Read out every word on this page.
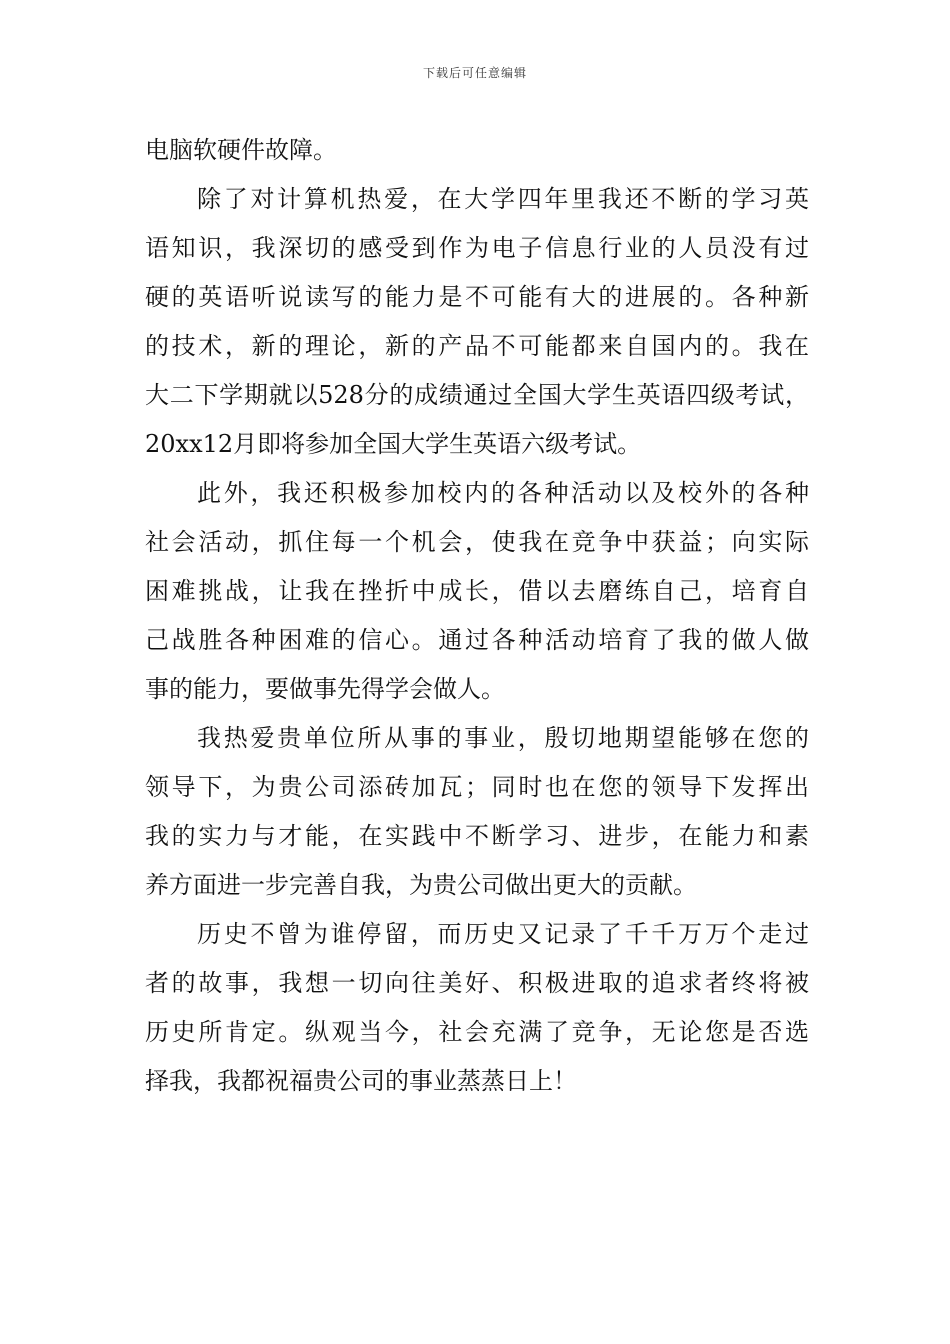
下载后可任意编辑
电脑软硬件故障。
除了对计算机热爱，在大学四年里我还不断的学习英
语知识，我深切的感受到作为电子信息行业的人员没有过
硬的英语听说读写的能力是不可能有大的进展的。各种新
的技术，新的理论，新的产品不可能都来自国内的。我在
大二下学期就以528分的成绩通过全国大学生英语四级考试，
20xx12月即将参加全国大学生英语六级考试。
此外，我还积极参加校内的各种活动以及校外的各种
社会活动，抓住每一个机会，使我在竞争中获益；向实际
困难挑战，让我在挫折中成长，借以去磨练自己，培育自
己战胜各种困难的信心。通过各种活动培育了我的做人做
事的能力，要做事先得学会做人。
我热爱贵单位所从事的事业，殷切地期望能够在您的
领导下，为贵公司添砖加瓦；同时也在您的领导下发挥出
我的实力与才能，在实践中不断学习、进步，在能力和素
养方面进一步完善自我，为贵公司做出更大的贡献。
历史不曾为谁停留，而历史又记录了千千万万个走过
者的故事，我想一切向往美好、积极进取的追求者终将被
历史所肯定。纵观当今，社会充满了竞争，无论您是否选
择我，我都祝福贵公司的事业蒸蒸日上！
